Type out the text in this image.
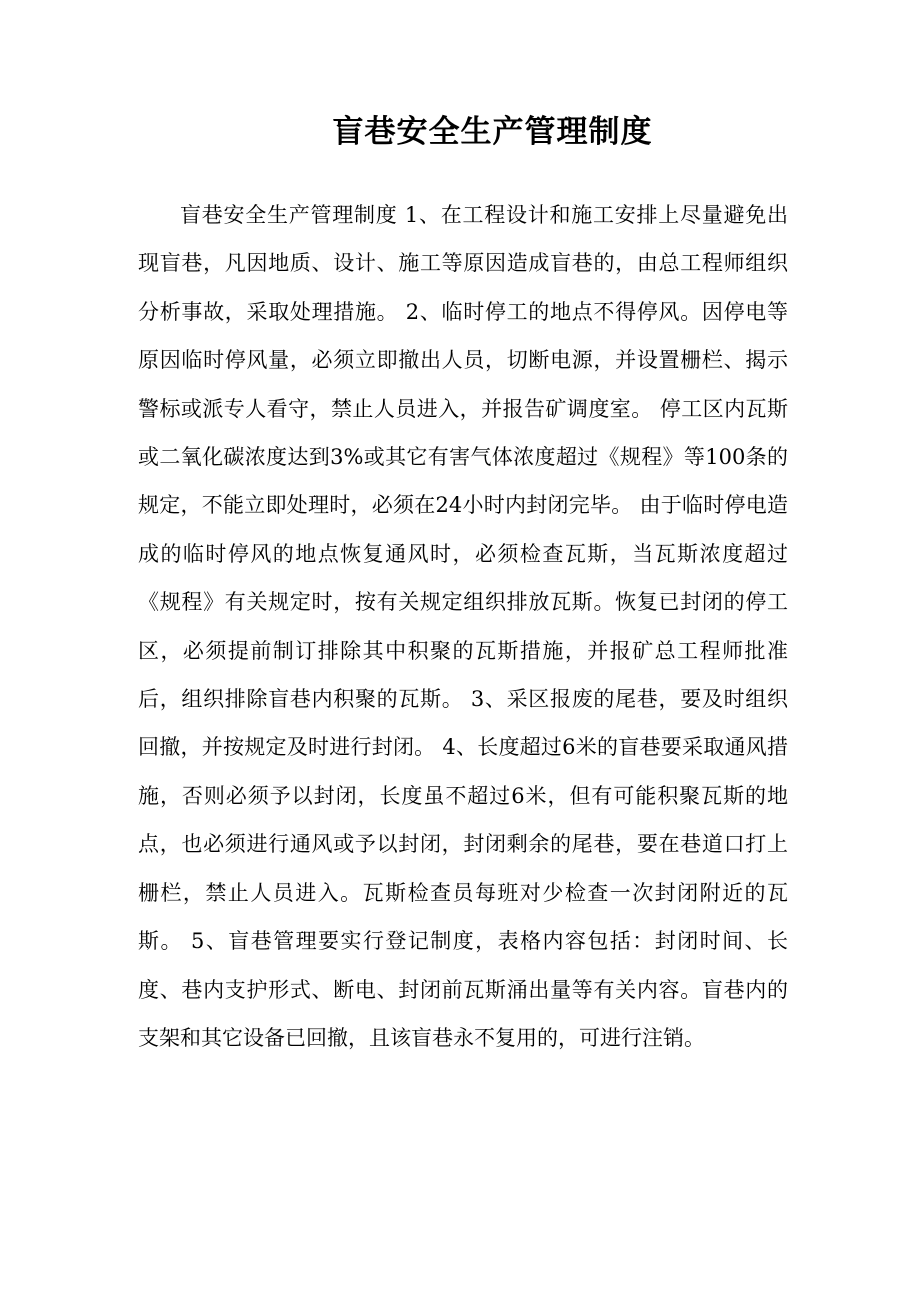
盲巷安全生产管理制度

盲巷安全生产管理制度 1、在工程设计和施工安排上尽量避免出现盲巷，凡因地质、设计、施工等原因造成盲巷的，由总工程师组织分析事故，采取处理措施。 2、临时停工的地点不得停风。因停电等原因临时停风量，必须立即撤出人员，切断电源，并设置栅栏、揭示警标或派专人看守，禁止人员进入，并报告矿调度室。 停工区内瓦斯或二氧化碳浓度达到3%或其它有害气体浓度超过《规程》等100条的规定，不能立即处理时，必须在24小时内封闭完毕。 由于临时停电造成的临时停风的地点恢复通风时，必须检查瓦斯，当瓦斯浓度超过《规程》有关规定时，按有关规定组织排放瓦斯。恢复已封闭的停工区，必须提前制订排除其中积聚的瓦斯措施，并报矿总工程师批准后，组织排除盲巷内积聚的瓦斯。 3、采区报废的尾巷，要及时组织回撤，并按规定及时进行封闭。 4、长度超过6米的盲巷要采取通风措施，否则必须予以封闭，长度虽不超过6米，但有可能积聚瓦斯的地点，也必须进行通风或予以封闭，封闭剩余的尾巷，要在巷道口打上栅栏，禁止人员进入。瓦斯检查员每班对少检查一次封闭附近的瓦斯。 5、盲巷管理要实行登记制度，表格内容包括：封闭时间、长度、巷内支护形式、断电、封闭前瓦斯涌出量等有关内容。盲巷内的支架和其它设备已回撤，且该盲巷永不复用的，可进行注销。
